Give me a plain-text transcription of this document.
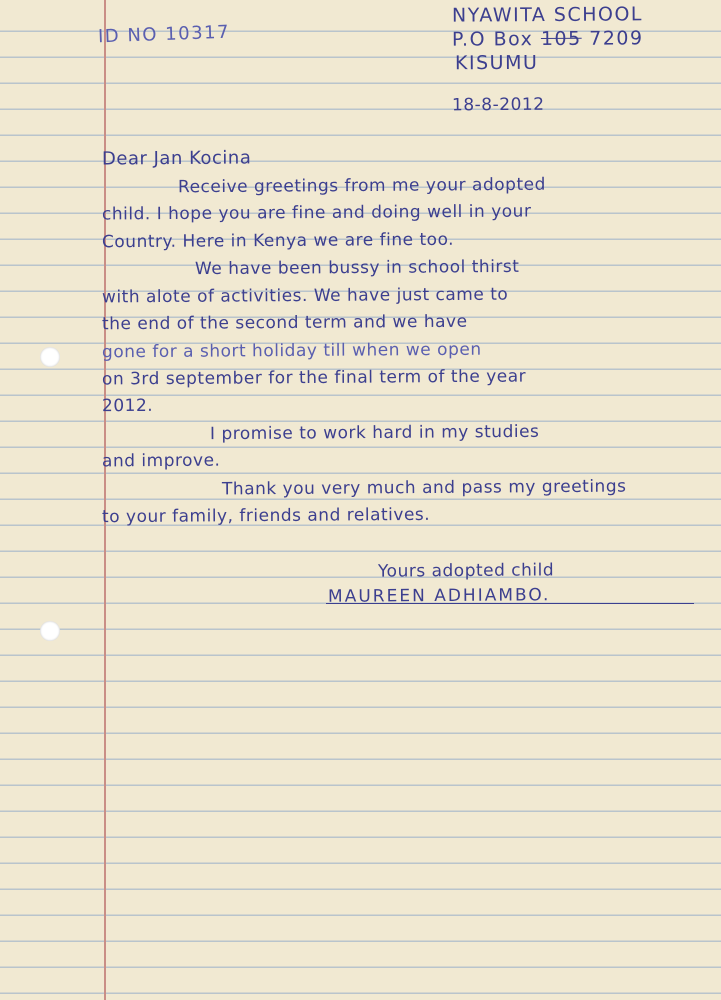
ID NO 10317
NYAWITA SCHOOL
P.O Box 105 7209
KISUMU
18-8-2012
Dear Jan Kocina
Receive greetings from me your adopted
child. I hope you are fine and doing well in your
Country. Here in Kenya we are fine too.
We have been bussy in school thirst
with alote of activities. We have just came to
the end of the second term and we have
gone for a short holiday till when we open
on 3rd september for the final term of the year
2012.
I promise to work hard in my studies
and improve.
Thank you very much and pass my greetings
to your family, friends and relatives.
Yours adopted child
MAUREEN ADHIAMBO.
